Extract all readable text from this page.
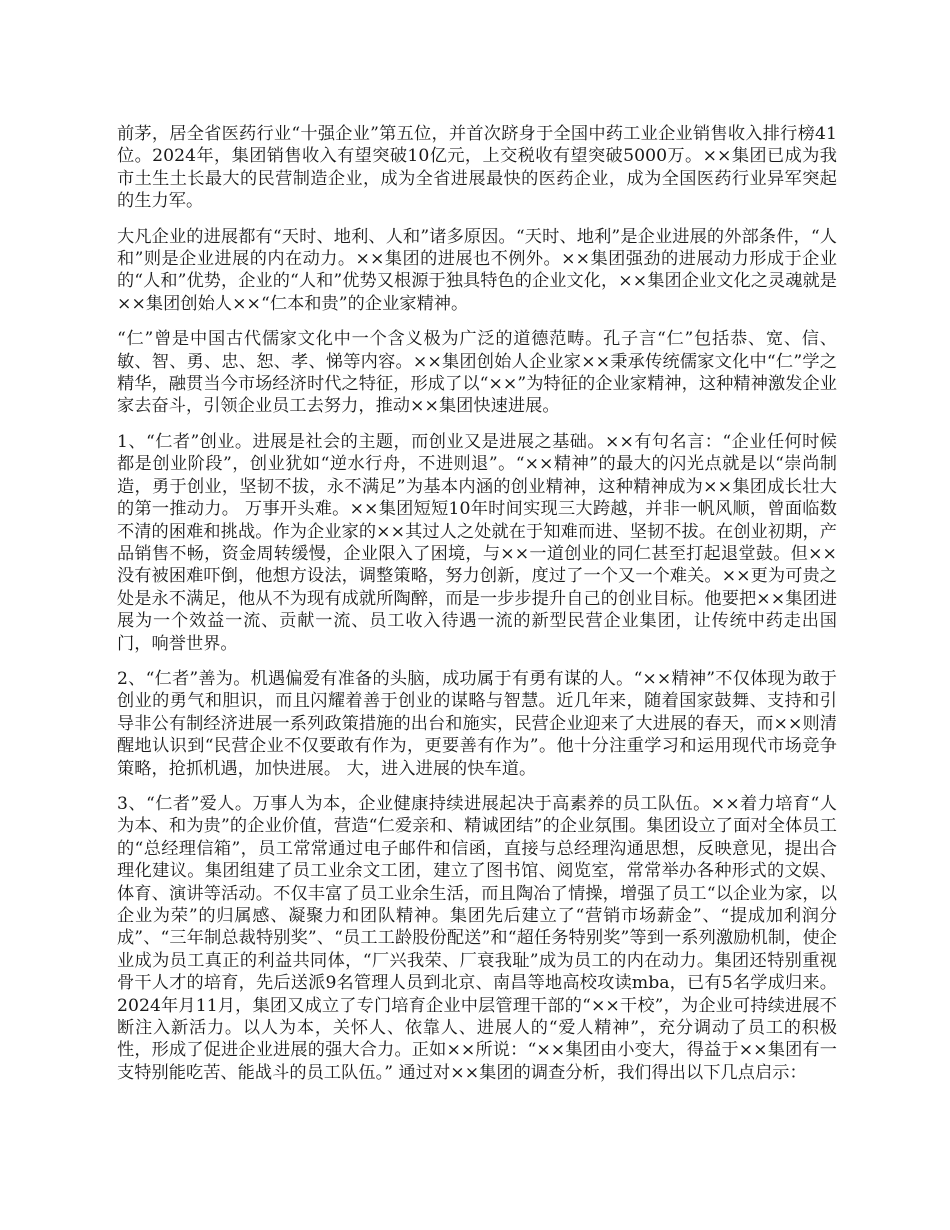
前茅，居全省医药行业“十强企业”第五位，并首次跻身于全国中药工业企业销售收入排行榜41位。2024年，集团销售收入有望突破10亿元，上交税收有望突破5000万。××集团已成为我市土生土长最大的民营制造企业，成为全省进展最快的医药企业，成为全国医药行业异军突起的生力军。

大凡企业的进展都有“天时、地利、人和”诸多原因。“天时、地利”是企业进展的外部条件，“人和”则是企业进展的内在动力。××集团的进展也不例外。××集团强劲的进展动力形成于企业的“人和”优势，企业的“人和”优势又根源于独具特色的企业文化，××集团企业文化之灵魂就是××集团创始人××“仁本和贵”的企业家精神。

“仁”曾是中国古代儒家文化中一个含义极为广泛的道德范畴。孔子言“仁”包括恭、宽、信、敏、智、勇、忠、恕、孝、悌等内容。××集团创始人企业家××秉承传统儒家文化中“仁”学之精华，融贯当今市场经济时代之特征，形成了以“××”为特征的企业家精神，这种精神激发企业家去奋斗，引领企业员工去努力，推动××集团快速进展。

1、“仁者”创业。进展是社会的主题，而创业又是进展之基础。××有句名言：“企业任何时候都是创业阶段”，创业犹如“逆水行舟，不进则退”。“××精神”的最大的闪光点就是以“崇尚制造，勇于创业，坚韧不拔，永不满足”为基本内涵的创业精神，这种精神成为××集团成长壮大的第一推动力。 万事开头难。××集团短短10年时间实现三大跨越，并非一帆风顺，曾面临数不清的困难和挑战。作为企业家的××其过人之处就在于知难而进、坚韧不拔。在创业初期，产品销售不畅，资金周转缓慢，企业限入了困境，与××一道创业的同仁甚至打起退堂鼓。但××没有被困难吓倒，他想方设法，调整策略，努力创新，度过了一个又一个难关。××更为可贵之处是永不满足，他从不为现有成就所陶醉，而是一步步提升自己的创业目标。他要把××集团进展为一个效益一流、贡献一流、员工收入待遇一流的新型民营企业集团，让传统中药走出国门，响誉世界。

2、“仁者”善为。机遇偏爱有准备的头脑，成功属于有勇有谋的人。“××精神”不仅体现为敢于创业的勇气和胆识，而且闪耀着善于创业的谋略与智慧。近几年来，随着国家鼓舞、支持和引导非公有制经济进展一系列政策措施的出台和施实，民营企业迎来了大进展的春天，而××则清醒地认识到“民营企业不仅要敢有作为，更要善有作为”。他十分注重学习和运用现代市场竞争策略，抢抓机遇，加快进展。 大，进入进展的快车道。

3、“仁者”爱人。万事人为本，企业健康持续进展起决于高素养的员工队伍。××着力培育“人为本、和为贵”的企业价值，营造“仁爱亲和、精诚团结”的企业氛围。集团设立了面对全体员工的“总经理信箱”，员工常常通过电子邮件和信函，直接与总经理沟通思想，反映意见，提出合理化建议。集团组建了员工业余文工团，建立了图书馆、阅览室，常常举办各种形式的文娱、体育、演讲等活动。不仅丰富了员工业余生活，而且陶冶了情操，增强了员工“以企业为家，以企业为荣”的归属感、凝聚力和团队精神。集团先后建立了“营销市场薪金”、“提成加利润分成”、“三年制总裁特别奖”、“员工工龄股份配送”和“超任务特别奖”等到一系列激励机制，使企业成为员工真正的利益共同体，“厂兴我荣、厂衰我耻”成为员工的内在动力。集团还特别重视骨干人才的培育，先后送派9名管理人员到北京、南昌等地高校攻读mba，已有5名学成归来。2024年月11月，集团又成立了专门培育企业中层管理干部的“××干校”，为企业可持续进展不断注入新活力。以人为本，关怀人、依靠人、进展人的“爱人精神”，充分调动了员工的积极性，形成了促进企业进展的强大合力。正如××所说：“××集团由小变大，得益于××集团有一支特别能吃苦、能战斗的员工队伍。” 通过对××集团的调查分析，我们得出以下几点启示：
